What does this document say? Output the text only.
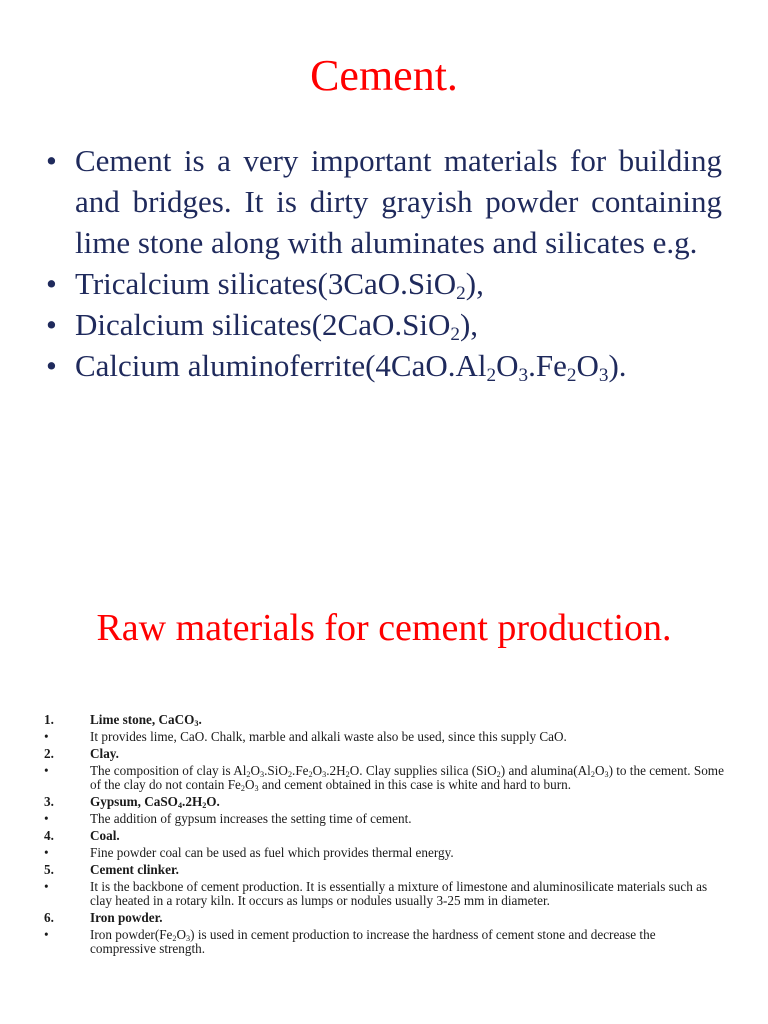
Cement.
• Cement is a very important materials for building and bridges. It is dirty grayish powder containing lime stone along with aluminates and silicates e.g.
• Tricalcium silicates(3CaO.SiO$_2$),
• Dicalcium silicates(2CaO.SiO$_2$),
• Calcium $aluminoferrite(4CaO.Al_2O_3.Fe_2O_3)$.
Raw materials for cement production.
1.	Lime stone, CaCO$_3$.
•	It provides lime, CaO. Chalk, marble and alkali waste also be used, since this supply CaO.
2.	Clay.
•	The composition of clay is $Al_2O_3.SiO_2.Fe_2O_3.2H_2O$. Clay supplies silica (SiO$_2$) and $alumina(Al_2O_3)$ to the cement. Some of the clay do not contain $Fe_2O_3$ and cement obtained in this case is white and hard to burn.
3.	Gypsum, $CaSO_4.2H_2O$.
•	The addition of gypsum increases the setting time of cement.
4.	Coal.
•	Fine powder coal can be used as fuel which provides thermal energy.
5.	Cement clinker.
•	It is the backbone of cement production. It is essentially a mixture of limestone and aluminosilicate materials such as clay heated in a rotary kiln. It occurs as lumps or nodules usually 3-25 mm in diameter.
6.	Iron powder.
•	Iron $powder(Fe_2O_3)$ is used in cement production to increase the hardness of cement stone and decrease the compressive strength.
